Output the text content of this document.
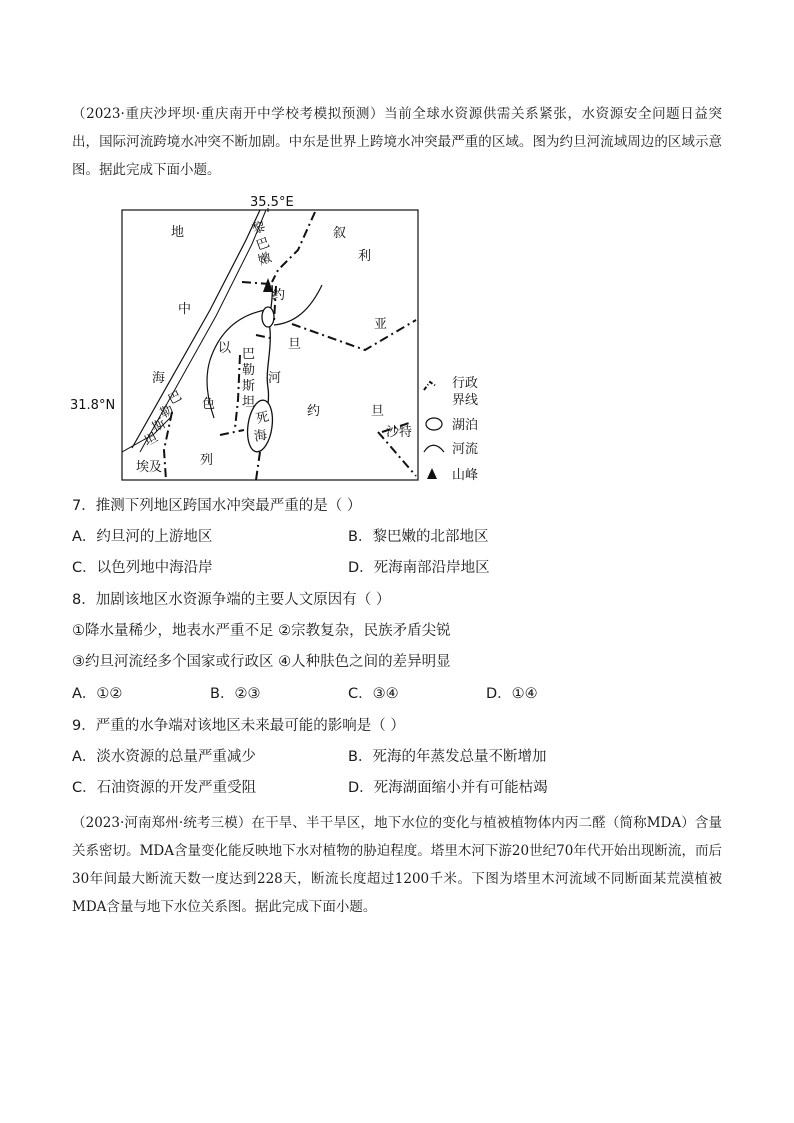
（2023·重庆沙坪坝·重庆南开中学校考模拟预测）当前全球水资源供需关系紧张，水资源安全问题日益突出，国际河流跨境水冲突不断加剧。中东是世界上跨境水冲突最严重的区域。图为约旦河流域周边的区域示意图。据此完成下面小题。
35.5°E
31.8°N
地
中
海
叙
利
亚
约
旦
河
约	旦
黎
巴
嫩
以
色
列
巴
勒
斯
坦
巴
勒
斯
坦
死
海	沙特
埃及
行政
界线
湖泊
河流
山峰
7．推测下列地区跨国水冲突最严重的是（ ）
A．约旦河的上游地区	B．黎巴嫩的北部地区
C．以色列地中海沿岸	D．死海南部沿岸地区
8．加剧该地区水资源争端的主要人文原因有（ ）
①降水量稀少，地表水严重不足 ②宗教复杂，民族矛盾尖锐
③约旦河流经多个国家或行政区 ④人种肤色之间的差异明显
A．①②	B．②③	C．③④	D．①④
9．严重的水争端对该地区未来最可能的影响是（ ）
A．淡水资源的总量严重减少	B．死海的年蒸发总量不断增加
C．石油资源的开发严重受阻	D．死海湖面缩小并有可能枯竭
（2023·河南郑州·统考三模）在干旱、半干旱区，地下水位的变化与植被植物体内丙二醛（简称MDA）含量关系密切。MDA含量变化能反映地下水对植物的胁迫程度。塔里木河下游20世纪70年代开始出现断流，而后30年间最大断流天数一度达到228天，断流长度超过1200千米。下图为塔里木河流域不同断面某荒漠植被MDA含量与地下水位关系图。据此完成下面小题。
